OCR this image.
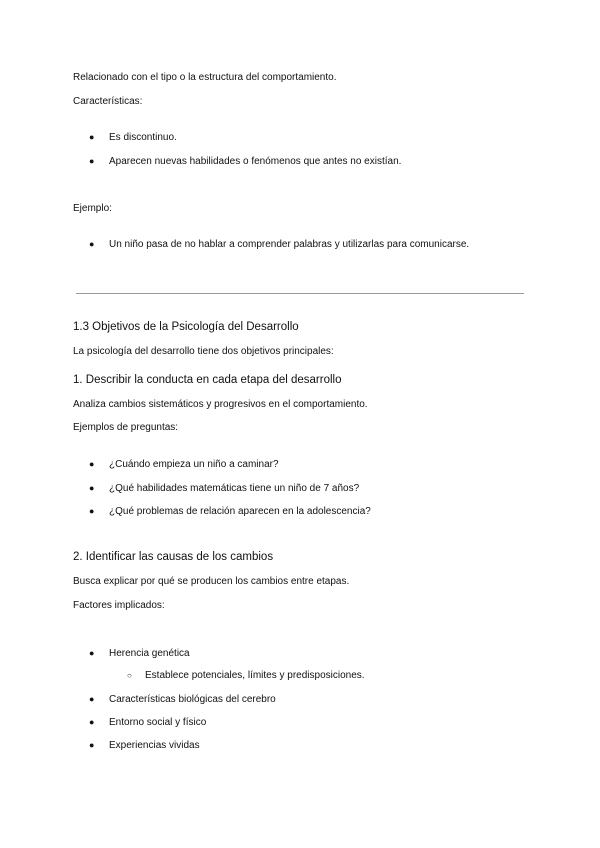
Relacionado con el tipo o la estructura del comportamiento.
Características:
● Es discontinuo.
● Aparecen nuevas habilidades o fenómenos que antes no existían.
Ejemplo:
● Un niño pasa de no hablar a comprender palabras y utilizarlas para comunicarse.
1.3 Objetivos de la Psicología del Desarrollo
La psicología del desarrollo tiene dos objetivos principales:
1. Describir la conducta en cada etapa del desarrollo
Analiza cambios sistemáticos y progresivos en el comportamiento.
Ejemplos de preguntas:
● ¿Cuándo empieza un niño a caminar?
● ¿Qué habilidades matemáticas tiene un niño de 7 años?
● ¿Qué problemas de relación aparecen en la adolescencia?
2. Identificar las causas de los cambios
Busca explicar por qué se producen los cambios entre etapas.
Factores implicados:
● Herencia genética
○ Establece potenciales, límites y predisposiciones.
● Características biológicas del cerebro
● Entorno social y físico
● Experiencias vividas
